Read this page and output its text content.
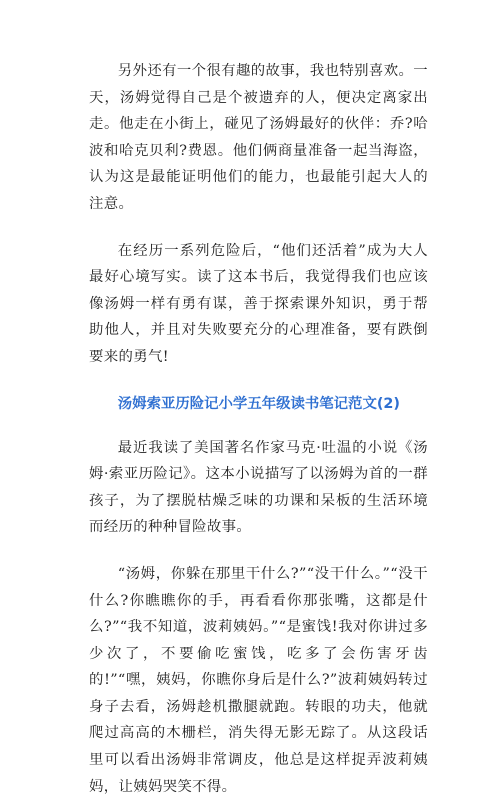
另外还有一个很有趣的故事，我也特别喜欢。一天，汤姆觉得自己是个被遗弃的人，便决定离家出走。他走在小街上，碰见了汤姆最好的伙伴：乔?哈波和哈克贝利?费恩。他们俩商量准备一起当海盗，认为这是最能证明他们的能力，也最能引起大人的注意。

在经历一系列危险后，“他们还活着”成为大人最好心境写实。读了这本书后，我觉得我们也应该像汤姆一样有勇有谋，善于探索课外知识，勇于帮助他人，并且对失败要充分的心理准备，要有跌倒要来的勇气!

汤姆索亚历险记小学五年级读书笔记范文(2)

最近我读了美国著名作家马克·吐温的小说《汤姆·索亚历险记》。这本小说描写了以汤姆为首的一群孩子，为了摆脱枯燥乏味的功课和呆板的生活环境而经历的种种冒险故事。

“汤姆，你躲在那里干什么?”“没干什么。”“没干什么?你瞧瞧你的手，再看看你那张嘴，这都是什么?”“我不知道，波莉姨妈。”“是蜜饯!我对你讲过多少次了，不要偷吃蜜饯，吃多了会伤害牙齿的!”“嘿，姨妈，你瞧你身后是什么?”波莉姨妈转过身子去看，汤姆趁机撒腿就跑。转眼的功夫，他就爬过高高的木栅栏，消失得无影无踪了。从这段话里可以看出汤姆非常调皮，他总是这样捉弄波莉姨妈，让姨妈哭笑不得。
